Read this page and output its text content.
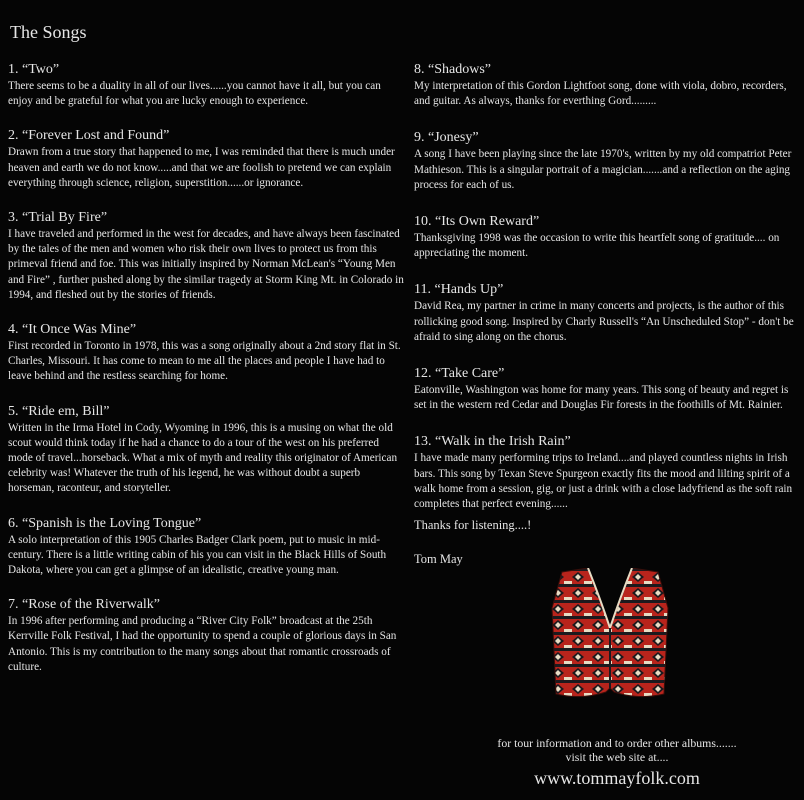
The Songs
1. “Two”
There seems to be a duality in all of our lives......you cannot have it all, but you can enjoy and be grateful for what you are lucky enough to experience.
2. “Forever Lost and Found”
Drawn from a true story that happened to me, I was reminded that there is much under heaven and earth we do not know.....and that we are foolish to pretend we can explain everything through science, religion, superstition......or ignorance.
3. “Trial By Fire”
I have traveled and performed in the west for decades, and have always been fascinated by the tales of the men and women who risk their own lives to protect us from this primeval friend and foe. This was initially inspired by Norman McLean's “Young Men and Fire” , further pushed along by the similar tragedy at Storm King Mt. in Colorado in 1994, and fleshed out by the stories of friends.
4. “It Once Was Mine”
First recorded in Toronto in 1978, this was a song originally about a 2nd story flat in St. Charles, Missouri. It has come to mean to me all the places and people I have had to leave behind and the restless searching for home.
5. “Ride em, Bill”
Written in the Irma Hotel in Cody, Wyoming in 1996, this is a musing on what the old scout would think today if he had a chance to do a tour of the west on his preferred mode of travel...horseback. What a mix of myth and reality this originator of American celebrity was! Whatever the truth of his legend, he was without doubt a superb horseman, raconteur, and storyteller.
6. “Spanish is the Loving Tongue”
A solo interpretation of this 1905 Charles Badger Clark poem, put to music in mid-century. There is a little writing cabin of his you can visit in the Black Hills of South Dakota, where you can get a glimpse of an idealistic, creative young man.
7. “Rose of the Riverwalk”
In 1996 after performing and producing a “River City Folk” broadcast at the 25th Kerrville Folk Festival, I had the opportunity to spend a couple of glorious days in San Antonio. This is my contribution to the many songs about that romantic crossroads of culture.
8. “Shadows”
My interpretation of this Gordon Lightfoot song, done with viola, dobro, recorders, and guitar. As always, thanks for everthing Gord.........
9. “Jonesy”
A song I have been playing since the late 1970's, written by my old compatriot Peter Mathieson. This is a singular portrait of a magician.......and a reflection on the aging process for each of us.
10. “Its Own Reward”
Thanksgiving 1998 was the occasion to write this heartfelt song of gratitude.... on appreciating the moment.
11. “Hands Up”
David Rea, my partner in crime in many concerts and projects, is the author of this rollicking good song. Inspired by Charly Russell's “An Unscheduled Stop” - don't be afraid to sing along on the chorus.
12. “Take Care”
Eatonville, Washington was home for many years. This song of beauty and regret is set in the western red Cedar and Douglas Fir forests in the foothills of Mt. Rainier.
13. “Walk in the Irish Rain”
I have made many performing trips to Ireland....and played countless nights in Irish bars. This song by Texan Steve Spurgeon exactly fits the mood and lilting spirit of a walk home from a session, gig, or just a drink with a close ladyfriend as the soft rain completes that perfect evening......
Thanks for listening....!
Tom May
for tour information and to order other albums.......
visit the web site at....
www.tommayfolk.com
